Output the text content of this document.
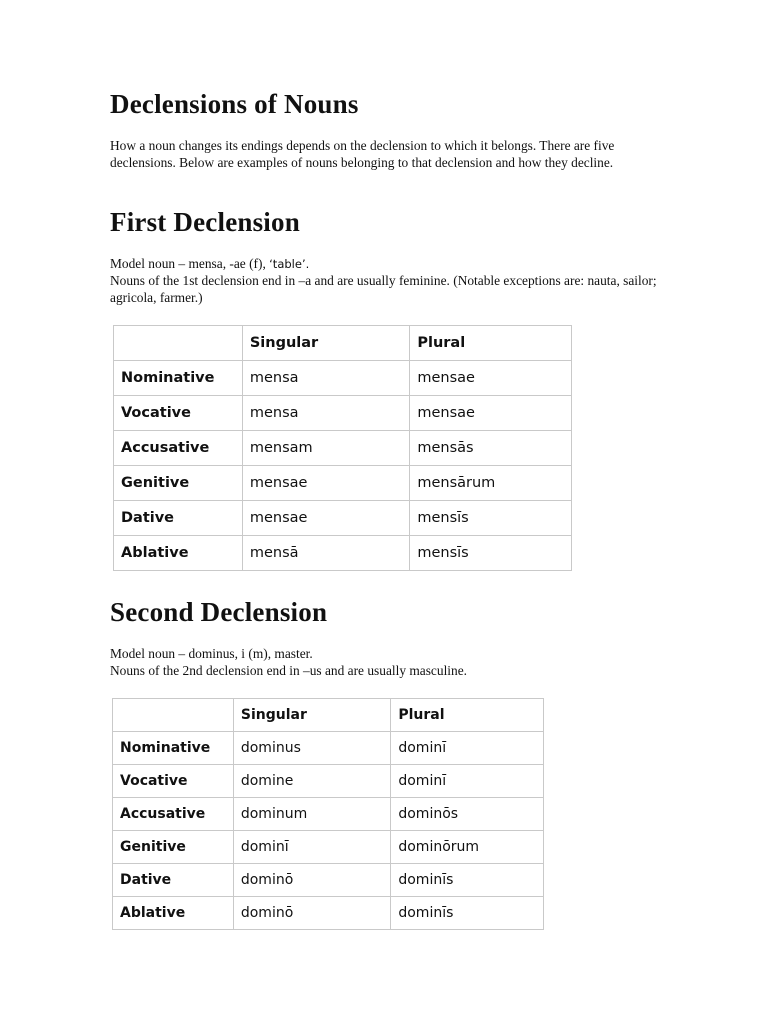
Declensions of Nouns

How a noun changes its endings depends on the declension to which it belongs. There are five declensions. Below are examples of nouns belonging to that declension and how they decline.

First Declension

Model noun – mensa, -ae (f), ‘table’.

Nouns of the 1st declension end in –a and are usually feminine. (Notable exceptions are: nauta, sailor; agricola, farmer.)

	Singular	Plural
Nominative	mensa	mensae
Vocative	mensa	mensae
Accusative	mensam	mensās
Genitive	mensae	mensārum
Dative	mensae	mensīs
Ablative	mensā	mensīs
Second Declension

Model noun – dominus, i (m), master.

Nouns of the 2nd declension end in –us and are usually masculine.

	Singular	Plural
Nominative	dominus	dominī
Vocative	domine	dominī
Accusative	dominum	dominōs
Genitive	dominī	dominōrum
Dative	dominō	dominīs
Ablative	dominō	dominīs
